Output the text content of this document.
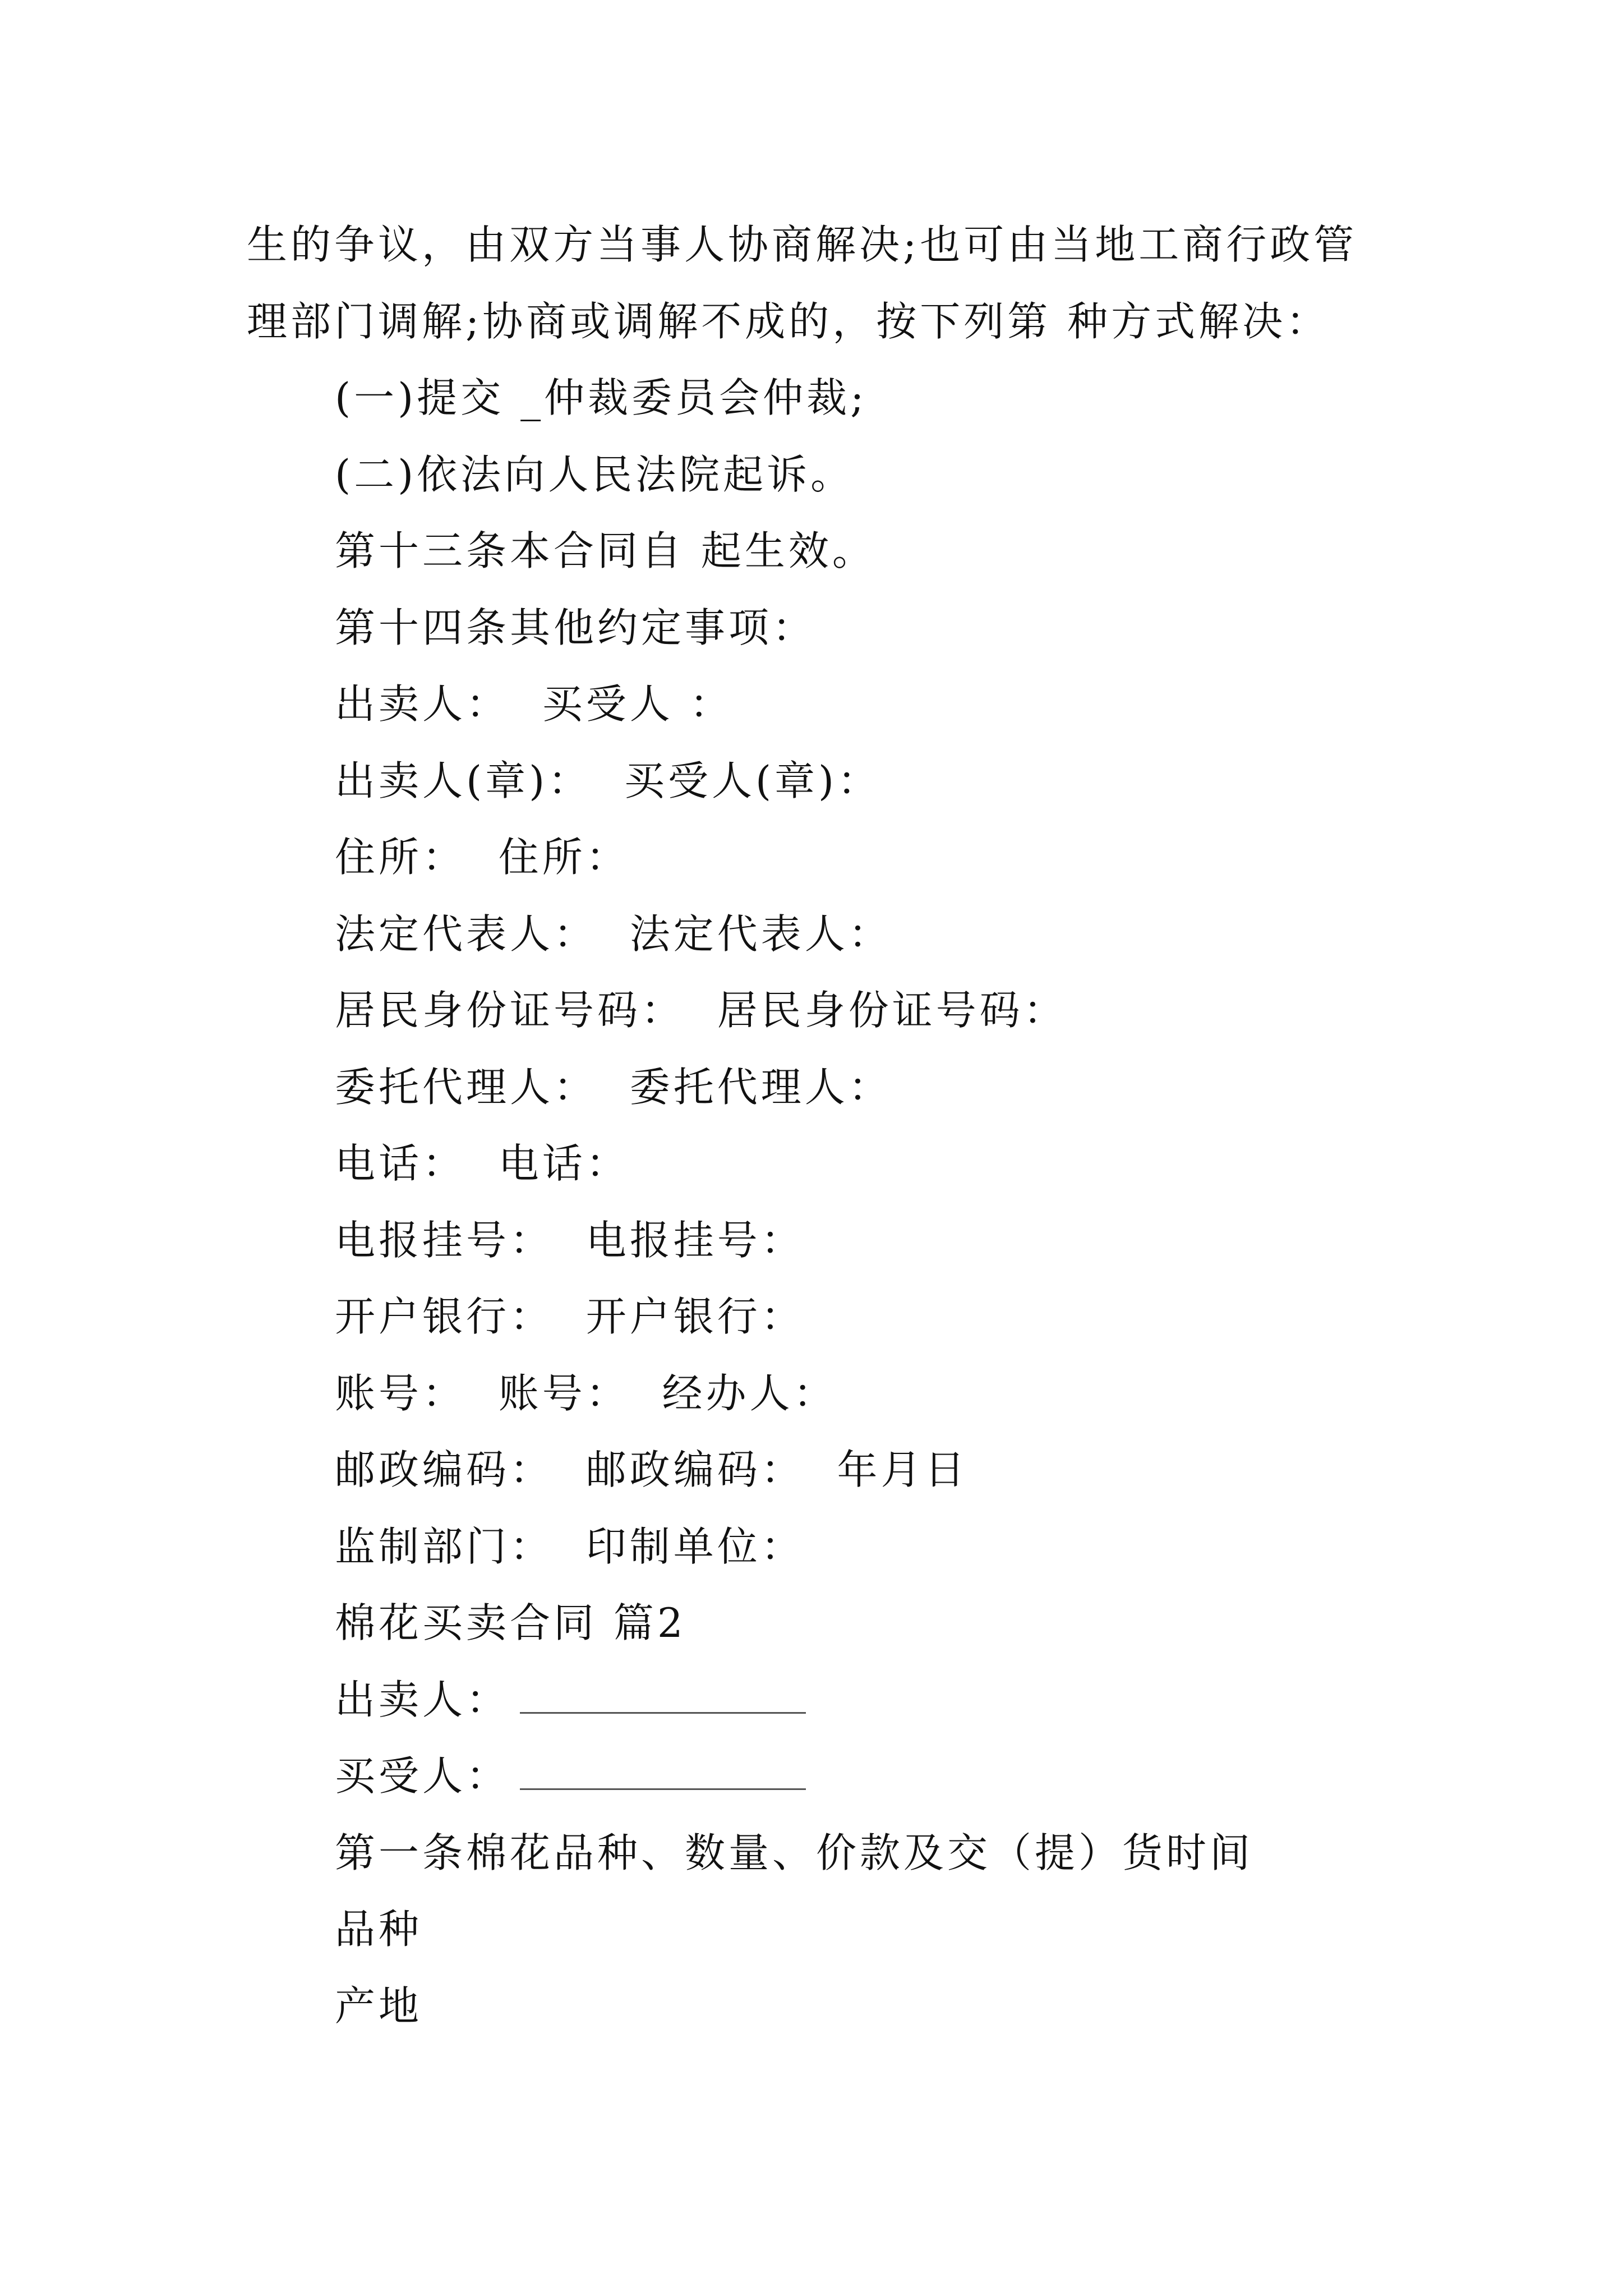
生的争议，由双方当事人协商解决;也可由当地工商行政管
理部门调解;协商或调解不成的，按下列第 种方式解决：
(一)提交 _仲裁委员会仲裁;
(二)依法向人民法院起诉。
第十三条本合同自 起生效。
第十四条其他约定事项：
出卖人：  买受人 ：
出卖人(章)：  买受人(章)：
住所：  住所：
法定代表人：  法定代表人：
居民身份证号码：  居民身份证号码：
委托代理人：  委托代理人：
电话：  电话：
电报挂号：  电报挂号：
开户银行：  开户银行：
账号：  账号：  经办人：
邮政编码：  邮政编码：  年月日
监制部门：  印制单位：
棉花买卖合同 篇2
出卖人：
买受人：
第一条棉花品种、数量、价款及交（提）货时间
品种
产地
